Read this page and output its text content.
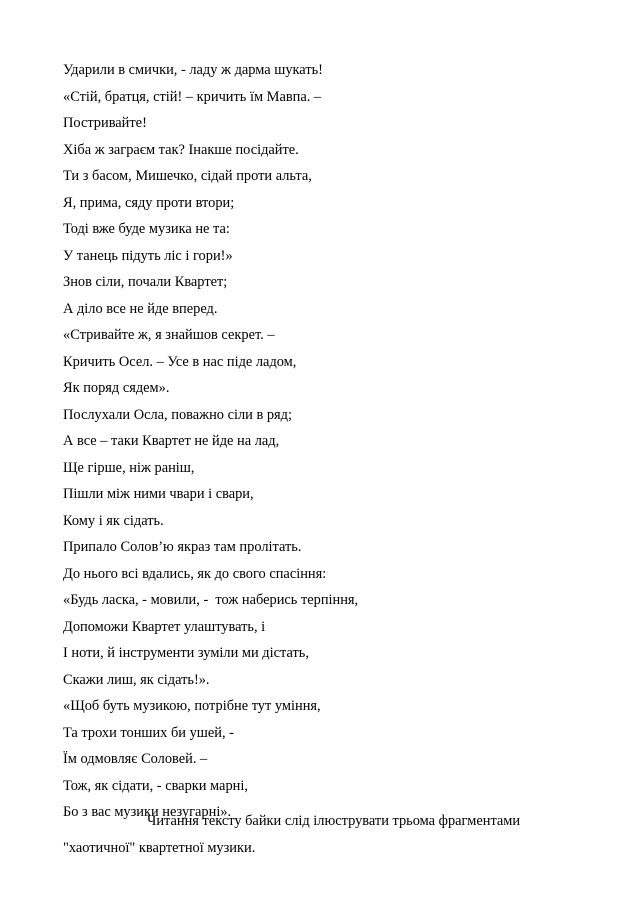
Ударили в смички, - ладу ж дарма шукать!
«Стій, братця, стій! – кричить їм Мавпа. –
Постривайте!
Хіба ж заграєм так? Інакше посідайте.
Ти з басом, Мишечко, сідай проти альта,
Я, прима, сяду проти втори;
Тоді вже буде музика не та:
У танець підуть ліс і гори!»
Знов сіли, почали Квартет;
А діло все не йде вперед.
«Стривайте ж, я знайшов секрет. –
Кричить Осел. – Усе в нас піде ладом,
Як поряд сядем».
Послухали Осла, поважно сіли в ряд;
А все – таки Квартет не йде на лад,
Ще гірше, ніж раніш,
Пішли між ними чвари і свари,
Кому і як сідать.
Припало Солов’ю якраз там пролітать.
До нього всі вдались, як до свого спасіння:
«Будь ласка, - мовили, -  тож наберись терпіння,
Допоможи Квартет улаштувать, і
І ноти, й інструменти зуміли ми дістать,
Скажи лиш, як сідать!».
«Щоб буть музикою, потрібне тут уміння,
Та трохи тонших би ушей, -
Їм одмовляє Соловей. –
Тож, як сідати, - сварки марні,
Бо з вас музики незугарні».
Читання тексту байки слід ілюструвати трьома фрагментами
"хаотичної" квартетної музики.
